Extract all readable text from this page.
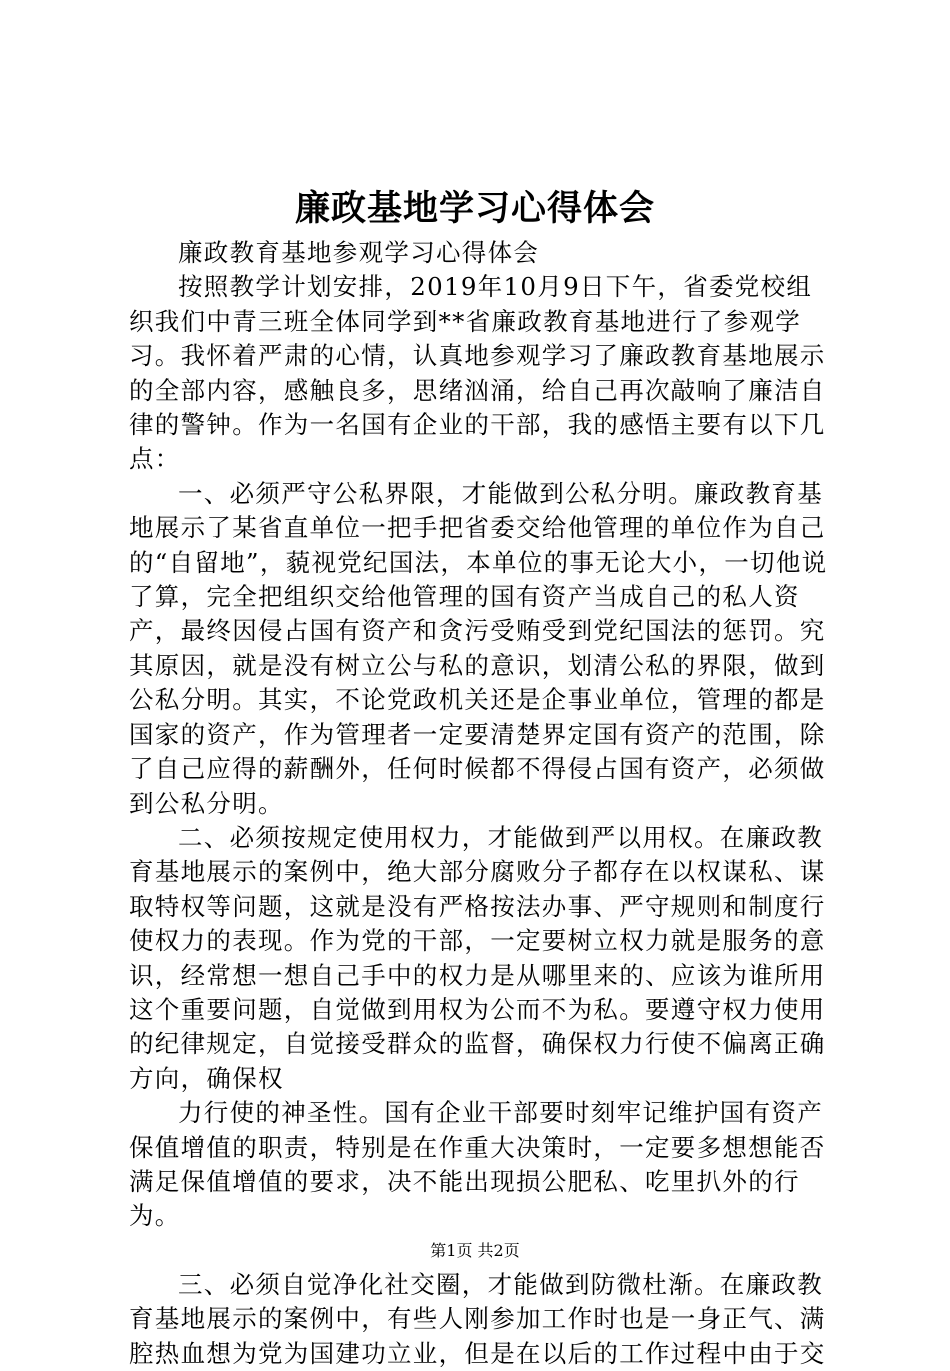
廉政基地学习心得体会

廉政教育基地参观学习心得体会

按照教学计划安排，2019年10月9日下午，省委党校组织我们中青三班全体同学到**省廉政教育基地进行了参观学习。我怀着严肃的心情，认真地参观学习了廉政教育基地展示的全部内容，感触良多，思绪汹涌，给自己再次敲响了廉洁自律的警钟。作为一名国有企业的干部，我的感悟主要有以下几点：

一、必须严守公私界限，才能做到公私分明。廉政教育基地展示了某省直单位一把手把省委交给他管理的单位作为自己的“自留地”，藐视党纪国法，本单位的事无论大小，一切他说了算，完全把组织交给他管理的国有资产当成自己的私人资产，最终因侵占国有资产和贪污受贿受到党纪国法的惩罚。究其原因，就是没有树立公与私的意识，划清公私的界限，做到公私分明。其实，不论党政机关还是企事业单位，管理的都是国家的资产，作为管理者一定要清楚界定国有资产的范围，除了自己应得的薪酬外，任何时候都不得侵占国有资产，必须做到公私分明。

二、必须按规定使用权力，才能做到严以用权。在廉政教育基地展示的案例中，绝大部分腐败分子都存在以权谋私、谋取特权等问题，这就是没有严格按法办事、严守规则和制度行使权力的表现。作为党的干部，一定要树立权力就是服务的意识，经常想一想自己手中的权力是从哪里来的、应该为谁所用这个重要问题，自觉做到用权为公而不为私。要遵守权力使用的纪律规定，自觉接受群众的监督，确保权力行使不偏离正确方向，确保权

力行使的神圣性。国有企业干部要时刻牢记维护国有资产保值增值的职责，特别是在作重大决策时，一定要多想想能否满足保值增值的要求，决不能出现损公肥私、吃里扒外的行为。

三、必须自觉净化社交圈，才能做到防微杜渐。在廉政教育基地展示的案例中，有些人刚参加工作时也是一身正气、满腔热血想为党为国建功立业，但是在以后的工作过程中由于交

第1页 共2页
